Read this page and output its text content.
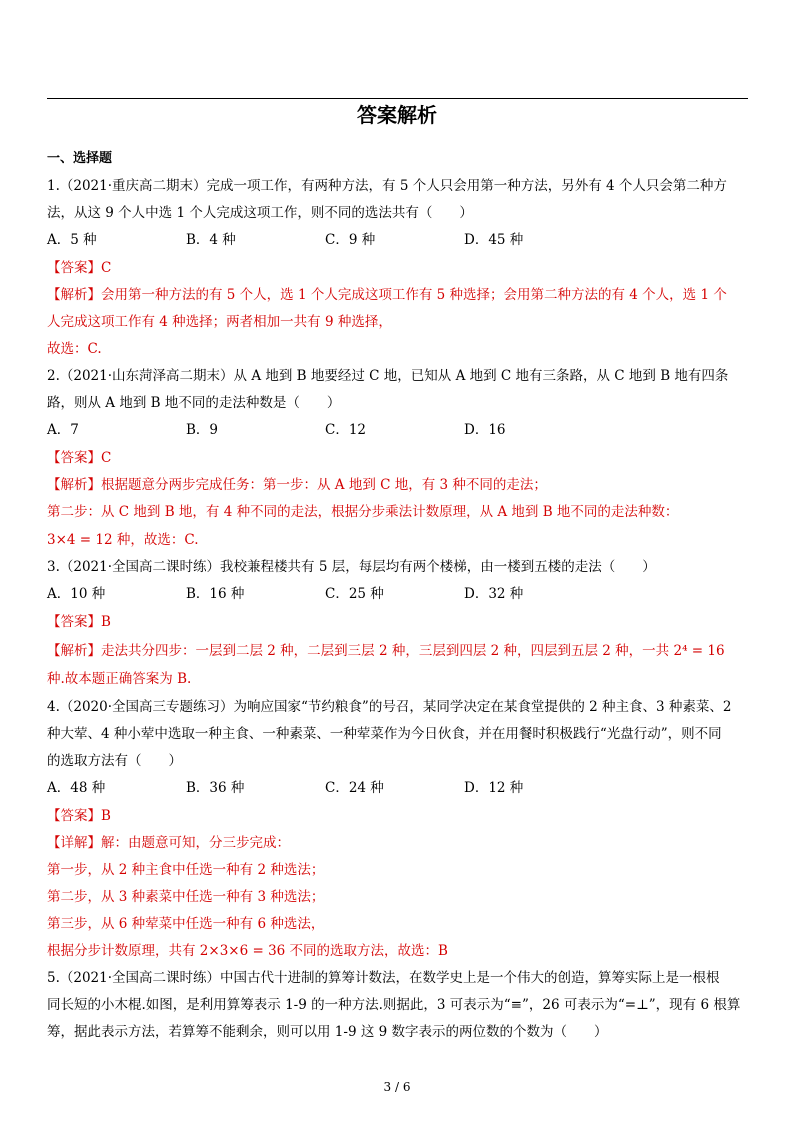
答案解析
一、选择题
1.（2021·重庆高二期末）完成一项工作，有两种方法，有 5 个人只会用第一种方法，另外有 4 个人只会第二种方
法，从这 9 个人中选 1 个人完成这项工作，则不同的选法共有（　　）
A．5 种	B．4 种	C．9 种	D．45 种
【答案】C
【解析】会用第一种方法的有 5 个人，选 1 个人完成这项工作有 5 种选择；会用第二种方法的有 4 个人，选 1 个
人完成这项工作有 4 种选择；两者相加一共有 9 种选择，
故选：C.
2.（2021·山东菏泽高二期末）从 A 地到 B 地要经过 C 地，已知从 A 地到 C 地有三条路，从 C 地到 B 地有四条
路，则从 A 地到 B 地不同的走法种数是（　　）
A．7	B．9	C．12	D．16
【答案】C
【解析】根据题意分两步完成任务：第一步：从 A 地到 C 地，有 3 种不同的走法；
第二步：从 C 地到 B 地，有 4 种不同的走法，根据分步乘法计数原理，从 A 地到 B 地不同的走法种数：
3×4 = 12 种，故选：C.
3.（2021·全国高二课时练）我校兼程楼共有 5 层，每层均有两个楼梯，由一楼到五楼的走法（　　）
A．10 种	B．16 种	C．25 种	D．32 种
【答案】B
【解析】走法共分四步：一层到二层 2 种，二层到三层 2 种，三层到四层 2 种，四层到五层 2 种，一共 2⁴ = 16
种.故本题正确答案为 B.
4.（2020·全国高三专题练习）为响应国家“节约粮食”的号召，某同学决定在某食堂提供的 2 种主食、3 种素菜、2
种大荤、4 种小荤中选取一种主食、一种素菜、一种荤菜作为今日伙食，并在用餐时积极践行“光盘行动”，则不同
的选取方法有（　　）
A．48 种	B．36 种	C．24 种	D．12 种
【答案】B
【详解】解：由题意可知，分三步完成：
第一步，从 2 种主食中任选一种有 2 种选法；
第二步，从 3 种素菜中任选一种有 3 种选法；
第三步，从 6 种荤菜中任选一种有 6 种选法，
根据分步计数原理，共有 2×3×6 = 36 不同的选取方法，故选：B
5.（2021·全国高二课时练）中国古代十进制的算筹计数法，在数学史上是一个伟大的创造，算筹实际上是一根根
同长短的小木棍.如图，是利用算筹表示 1-9 的一种方法.则据此，3 可表示为“≡”，26 可表示为“=⊥”，现有 6 根算
筹，据此表示方法，若算筹不能剩余，则可以用 1-9 这 9 数字表示的两位数的个数为（　　）
3 / 6
